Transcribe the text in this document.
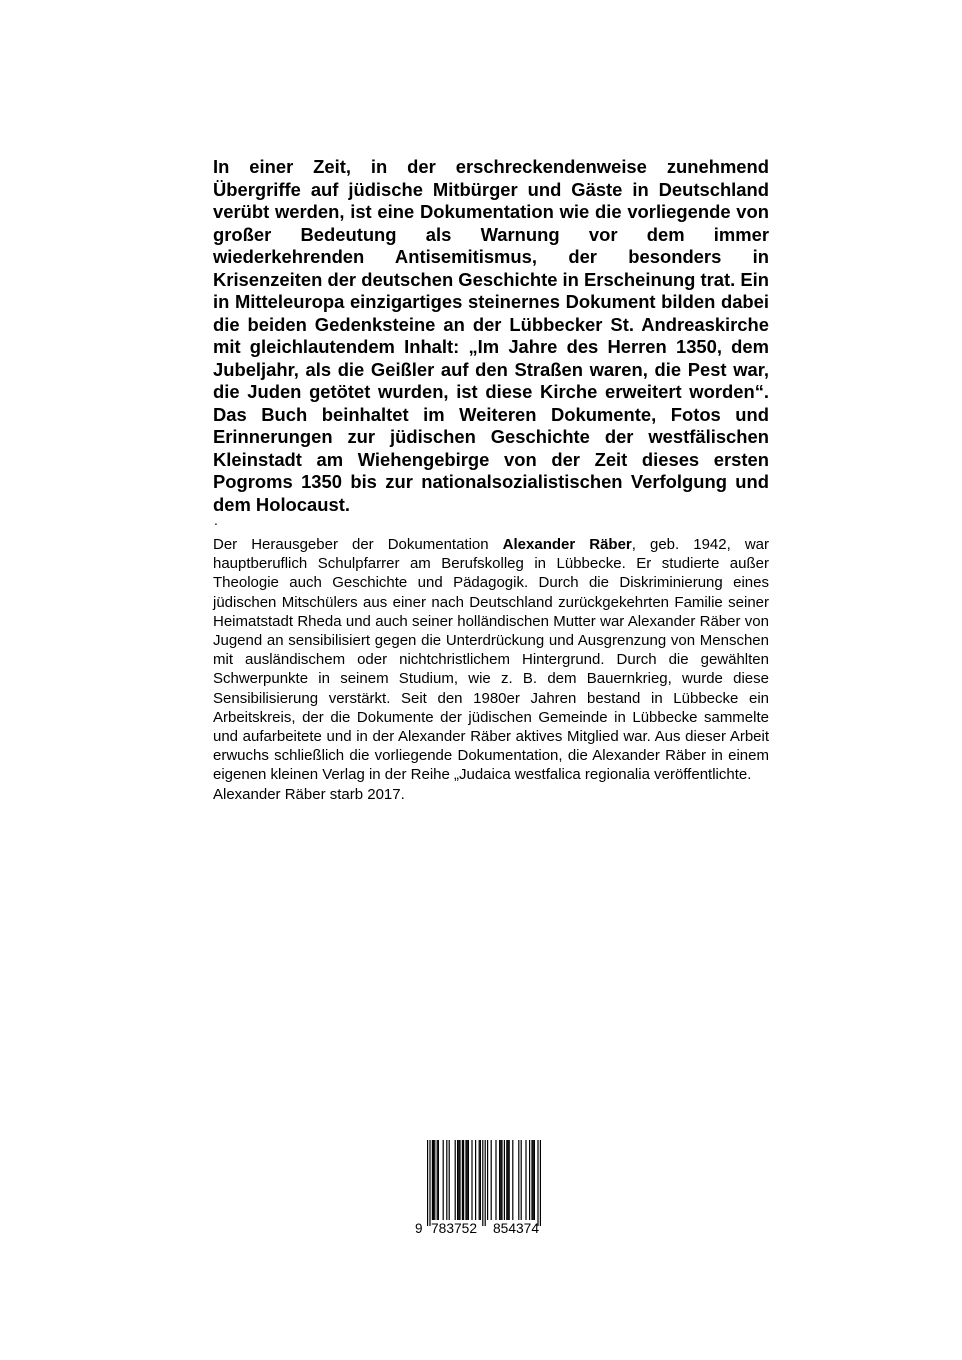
In einer Zeit, in der erschreckendenweise zunehmend Übergriffe auf jüdische Mitbürger und Gäste in Deutschland verübt werden, ist eine Dokumentation wie die vorliegende von großer Bedeutung als Warnung vor dem immer wiederkehrenden Antisemitismus, der besonders in Krisenzeiten der deutschen Geschichte in Erscheinung trat. Ein in Mitteleuropa einzigartiges steinernes Dokument bilden dabei die beiden Gedenksteine an der Lübbecker St. Andreaskirche mit gleichlautendem Inhalt: „Im Jahre des Herren 1350, dem Jubeljahr, als die Geißler auf den Straßen waren, die Pest war, die Juden getötet wurden, ist diese Kirche erweitert worden“. Das Buch beinhaltet im Weiteren Dokumente, Fotos und Erinnerungen zur jüdischen Geschichte der westfälischen Kleinstadt am Wiehengebirge von der Zeit dieses ersten Pogroms 1350 bis zur nationalsozialistischen Verfolgung und dem Holocaust.

.

Der Herausgeber der Dokumentation Alexander Räber, geb. 1942, war hauptberuflich Schulpfarrer am Berufskolleg in Lübbecke. Er studierte außer Theologie auch Geschichte und Pädagogik. Durch die Diskriminierung eines jüdischen Mitschülers aus einer nach Deutschland zurückgekehrten Familie seiner Heimatstadt Rheda und auch seiner holländischen Mutter war Alexander Räber von Jugend an sensibilisiert gegen die Unterdrückung und Ausgrenzung von Menschen mit ausländischem oder nichtchristlichem Hintergrund. Durch die gewählten Schwerpunkte in seinem Studium, wie z. B. dem Bauernkrieg, wurde diese Sensibilisierung verstärkt. Seit den 1980er Jahren bestand in Lübbecke ein Arbeitskreis, der die Dokumente der jüdischen Gemeinde in Lübbecke sammelte und aufarbeitete und in der Alexander Räber aktives Mitglied war. Aus dieser Arbeit erwuchs schließlich die vorliegende Dokumentation, die Alexander Räber in einem eigenen kleinen Verlag in der Reihe „Judaica westfalica regionalia veröffentlichte.
Alexander Räber starb 2017.

9 783752 854374
